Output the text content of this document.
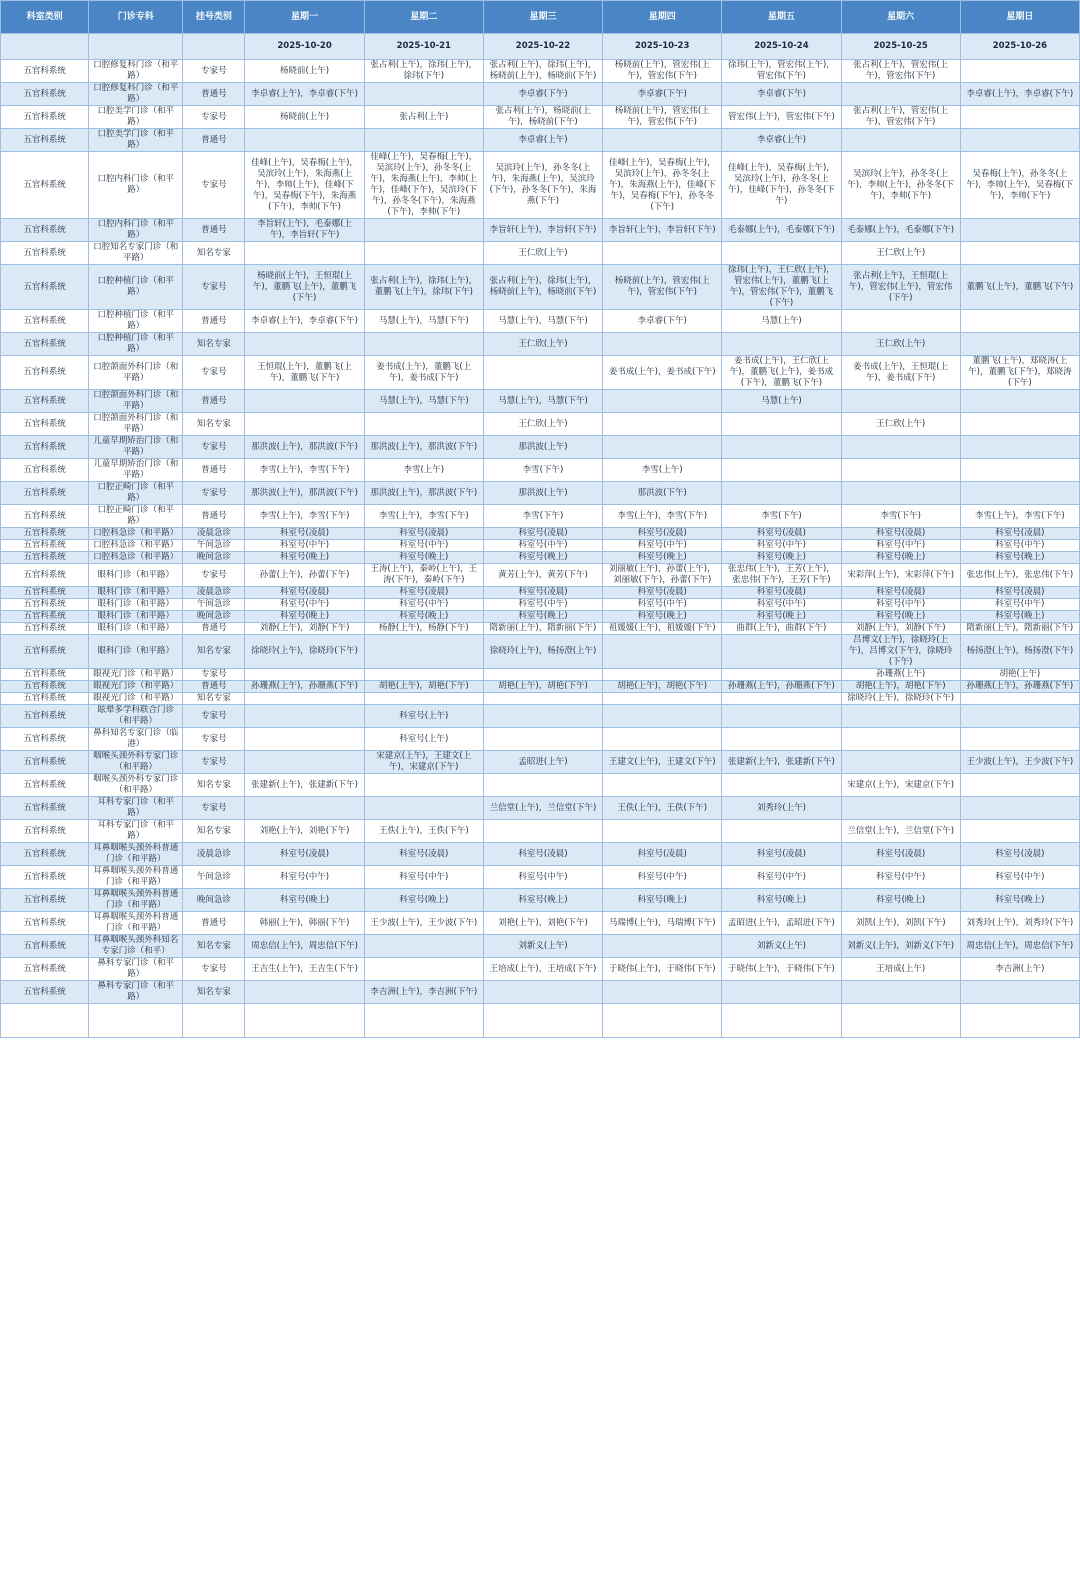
科室类别	门诊专科	挂号类别	星期一	星期二	星期三	星期四	星期五	星期六	星期日
			2025-10-20	2025-10-21	2025-10-22	2025-10-23	2025-10-24	2025-10-25	2025-10-26
五官科系统	口腔修复科门诊（和平路）	专家号	杨晓前(上午)	张占利(上午)，徐玮(上午)，徐玮(下午)	张占利(上午)，徐玮(上午)，杨晓前(上午)，杨晓前(下午)	杨晓前(上午)，管宏伟(上午)，管宏伟(下午)	徐玮(上午)，管宏伟(上午)，管宏伟(下午)	张占利(上午)，管宏伟(上午)，管宏伟(下午)	
五官科系统	口腔修复科门诊（和平路）	普通号	李卓睿(上午)，李卓睿(下午)		李卓睿(下午)	李卓睿(下午)	李卓睿(下午)		李卓睿(上午)，李卓睿(下午)
五官科系统	口腔美学门诊（和平路）	专家号	杨晓前(上午)	张占利(上午)	张占利(上午)，杨晓前(上午)，杨晓前(下午)	杨晓前(上午)，管宏伟(上午)，管宏伟(下午)	管宏伟(上午)，管宏伟(下午)	张占利(上午)，管宏伟(上午)，管宏伟(下午)	
五官科系统	口腔美学门诊（和平路）	普通号			李卓睿(上午)		李卓睿(上午)		
五官科系统	口腔内科门诊（和平路）	专家号	佳峰(上午)，吴春梅(上午)，吴滨玲(上午)，朱海燕(上午)，李帅(上午)，佳峰(下午)，吴春梅(下午)，朱海燕(下午)，李帅(下午)	佳峰(上午)，吴春梅(上午)，吴滨玲(上午)，孙冬冬(上午)，朱海燕(上午)，李帅(上午)，佳峰(下午)，吴滨玲(下午)，孙冬冬(下午)，朱海燕(下午)，李帅(下午)	吴滨玲(上午)，孙冬冬(上午)，朱海燕(上午)，吴滨玲(下午)，孙冬冬(下午)，朱海燕(下午)	佳峰(上午)，吴春梅(上午)，吴滨玲(上午)，孙冬冬(上午)，朱海燕(上午)，佳峰(下午)，吴春梅(下午)，孙冬冬(下午)	佳峰(上午)，吴春梅(上午)，吴滨玲(上午)，孙冬冬(上午)，佳峰(下午)，孙冬冬(下午)	吴滨玲(上午)，孙冬冬(上午)，李帅(上午)，孙冬冬(下午)，李帅(下午)	吴春梅(上午)，孙冬冬(上午)，李帅(上午)，吴春梅(下午)，李帅(下午)
五官科系统	口腔内科门诊（和平路）	普通号	李旨轩(上午)，毛泰娜(上午)，李旨轩(下午)		李旨轩(上午)，李旨轩(下午)	李旨轩(上午)，李旨轩(下午)	毛泰娜(上午)，毛泰娜(下午)	毛泰娜(上午)，毛泰娜(下午)	
五官科系统	口腔知名专家门诊（和平路）	知名专家			王仁欣(上午)			王仁欣(上午)	
五官科系统	口腔种植门诊（和平路）	专家号	杨晓前(上午)，王恒琨(上午)，董鹏飞(上午)，董鹏飞(下午)	张占利(上午)，徐玮(上午)，董鹏飞(上午)，徐玮(下午)	张占利(上午)，徐玮(上午)，杨晓前(上午)，杨晓前(下午)	杨晓前(上午)，管宏伟(上午)，管宏伟(下午)	徐玮(上午)，王仁欣(上午)，管宏伟(上午)，董鹏飞(上午)，管宏伟(下午)，董鹏飞(下午)	张占利(上午)，王恒琨(上午)，管宏伟(上午)，管宏伟(下午)	董鹏飞(上午)，董鹏飞(下午)
五官科系统	口腔种植门诊（和平路）	普通号	李卓睿(上午)，李卓睿(下午)	马慧(上午)，马慧(下午)	马慧(上午)，马慧(下午)	李卓睿(下午)	马慧(上午)		
五官科系统	口腔种植门诊（和平路）	知名专家			王仁欣(上午)			王仁欣(上午)	
五官科系统	口腔颌面外科门诊（和平路）	专家号	王恒琨(上午)，董鹏飞(上午)，董鹏飞(下午)	姜书成(上午)，董鹏飞(上午)，姜书成(下午)		姜书成(上午)，姜书成(下午)	姜书成(上午)，王仁欣(上午)，董鹏飞(上午)，姜书成(下午)，董鹏飞(下午)	姜书成(上午)，王恒琨(上午)，姜书成(下午)	董鹏飞(上午)，郑晓涛(上午)，董鹏飞(下午)，郑晓涛(下午)
五官科系统	口腔颌面外科门诊（和平路）	普通号		马慧(上午)，马慧(下午)	马慧(上午)，马慧(下午)		马慧(上午)		
五官科系统	口腔颌面外科门诊（和平路）	知名专家			王仁欣(上午)			王仁欣(上午)	
五官科系统	儿童早期矫治门诊（和平路）	专家号	那洪波(上午)，那洪波(下午)	那洪波(上午)，那洪波(下午)	那洪波(上午)				
五官科系统	儿童早期矫治门诊（和平路）	普通号	李雪(上午)，李雪(下午)	李雪(上午)	李雪(下午)	李雪(上午)			
五官科系统	口腔正畸门诊（和平路）	专家号	那洪波(上午)，那洪波(下午)	那洪波(上午)，那洪波(下午)	那洪波(上午)	那洪波(下午)			
五官科系统	口腔正畸门诊（和平路）	普通号	李雪(上午)，李雪(下午)	李雪(上午)，李雪(下午)	李雪(下午)	李雪(上午)，李雪(下午)	李雪(下午)	李雪(下午)	李雪(上午)，李雪(下午)
五官科系统	口腔科急诊（和平路）	凌晨急诊	科室号(凌晨)	科室号(凌晨)	科室号(凌晨)	科室号(凌晨)	科室号(凌晨)	科室号(凌晨)	科室号(凌晨)
五官科系统	口腔科急诊（和平路）	午间急诊	科室号(中午)	科室号(中午)	科室号(中午)	科室号(中午)	科室号(中午)	科室号(中午)	科室号(中午)
五官科系统	口腔科急诊（和平路）	晚间急诊	科室号(晚上)	科室号(晚上)	科室号(晚上)	科室号(晚上)	科室号(晚上)	科室号(晚上)	科室号(晚上)
五官科系统	眼科门诊（和平路）	专家号	孙蕾(上午)，孙蕾(下午)	王涛(上午)，秦岭(上午)，王涛(下午)，秦岭(下午)	黄芳(上午)，黄芳(下午)	刘丽敏(上午)，孙蕾(上午)，刘丽敏(下午)，孙蕾(下午)	张忠伟(上午)，王芳(上午)，张忠伟(下午)，王芳(下午)	宋彩萍(上午)，宋彩萍(下午)	张忠伟(上午)，张忠伟(下午)
五官科系统	眼科门诊（和平路）	凌晨急诊	科室号(凌晨)	科室号(凌晨)	科室号(凌晨)	科室号(凌晨)	科室号(凌晨)	科室号(凌晨)	科室号(凌晨)
五官科系统	眼科门诊（和平路）	午间急诊	科室号(中午)	科室号(中午)	科室号(中午)	科室号(中午)	科室号(中午)	科室号(中午)	科室号(中午)
五官科系统	眼科门诊（和平路）	晚间急诊	科室号(晚上)	科室号(晚上)	科室号(晚上)	科室号(晚上)	科室号(晚上)	科室号(晚上)	科室号(晚上)
五官科系统	眼科门诊（和平路）	普通号	刘静(上午)，刘静(下午)	杨静(上午)，杨静(下午)	隋新丽(上午)，隋新丽(下午)	祖媛媛(上午)，祖媛媛(下午)	曲群(上午)，曲群(下午)	刘静(上午)，刘静(下午)	隋新丽(上午)，隋新丽(下午)
五官科系统	眼科门诊（和平路）	知名专家	徐晓玲(上午)，徐晓玲(下午)		徐晓玲(上午)，杨扬澄(上午)			吕博文(上午)，徐晓玲(上午)，吕博文(下午)，徐晓玲(下午)	杨扬澄(上午)，杨扬澄(下午)
五官科系统	眼视光门诊（和平路）	专家号						孙珊燕(上午)	胡艳(上午)
五官科系统	眼视光门诊（和平路）	普通号	孙珊燕(上午)，孙珊燕(下午)	胡艳(上午)，胡艳(下午)	胡艳(上午)，胡艳(下午)	胡艳(上午)，胡艳(下午)	孙珊燕(上午)，孙珊燕(下午)	胡艳(上午)，胡艳(下午)	孙珊燕(上午)，孙珊燕(下午)
五官科系统	眼视光门诊（和平路）	知名专家						徐晓玲(上午)，徐晓玲(下午)	
五官科系统	眩晕多学科联合门诊（和平路）	专家号		科室号(上午)					
五官科系统	鼻科知名专家门诊（临港）	专家号		科室号(上午)					
五官科系统	咽喉头颈外科专家门诊（和平路）	专家号		宋建京(上午)，王建文(上午)，宋建京(下午)	孟昭进(上午)	王建文(上午)，王建文(下午)	张建新(上午)，张建新(下午)		王少波(上午)，王少波(下午)
五官科系统	咽喉头颈外科专家门诊（和平路）	知名专家	张建新(上午)，张建新(下午)					宋建京(上午)，宋建京(下午)	
五官科系统	耳科专家门诊（和平路）	专家号			兰信堂(上午)，兰信堂(下午)	王佚(上午)，王佚(下午)	刘秀玲(上午)		
五官科系统	耳科专家门诊（和平路）	知名专家	刘艳(上午)，刘艳(下午)	王佚(上午)，王佚(下午)				兰信堂(上午)，兰信堂(下午)	
五官科系统	耳鼻咽喉头颈外科普通门诊（和平路）	凌晨急诊	科室号(凌晨)	科室号(凌晨)	科室号(凌晨)	科室号(凌晨)	科室号(凌晨)	科室号(凌晨)	科室号(凌晨)
五官科系统	耳鼻咽喉头颈外科普通门诊（和平路）	午间急诊	科室号(中午)	科室号(中午)	科室号(中午)	科室号(中午)	科室号(中午)	科室号(中午)	科室号(中午)
五官科系统	耳鼻咽喉头颈外科普通门诊（和平路）	晚间急诊	科室号(晚上)	科室号(晚上)	科室号(晚上)	科室号(晚上)	科室号(晚上)	科室号(晚上)	科室号(晚上)
五官科系统	耳鼻咽喉头颈外科普通门诊（和平路）	普通号	韩丽(上午)，韩丽(下午)	王少波(上午)，王少波(下午)	刘艳(上午)，刘艳(下午)	马瑞博(上午)，马瑞博(下午)	孟昭进(上午)，孟昭进(下午)	刘凯(上午)，刘凯(下午)	刘秀玲(上午)，刘秀玲(下午)
五官科系统	耳鼻咽喉头颈外科知名专家门诊（和平）	知名专家	周忠信(上午)，周忠信(下午)		刘新义(上午)		刘新义(上午)	刘新义(上午)，刘新义(下午)	周忠信(上午)，周忠信(下午)
五官科系统	鼻科专家门诊（和平路）	专家号	王吉生(上午)，王吉生(下午)		王培成(上午)，王培成(下午)	于晓伟(上午)，于晓伟(下午)	于晓伟(上午)，于晓伟(下午)	王培成(上午)	李吉洲(上午)
五官科系统	鼻科专家门诊（和平路）	知名专家		李吉洲(上午)，李吉洲(下午)					
